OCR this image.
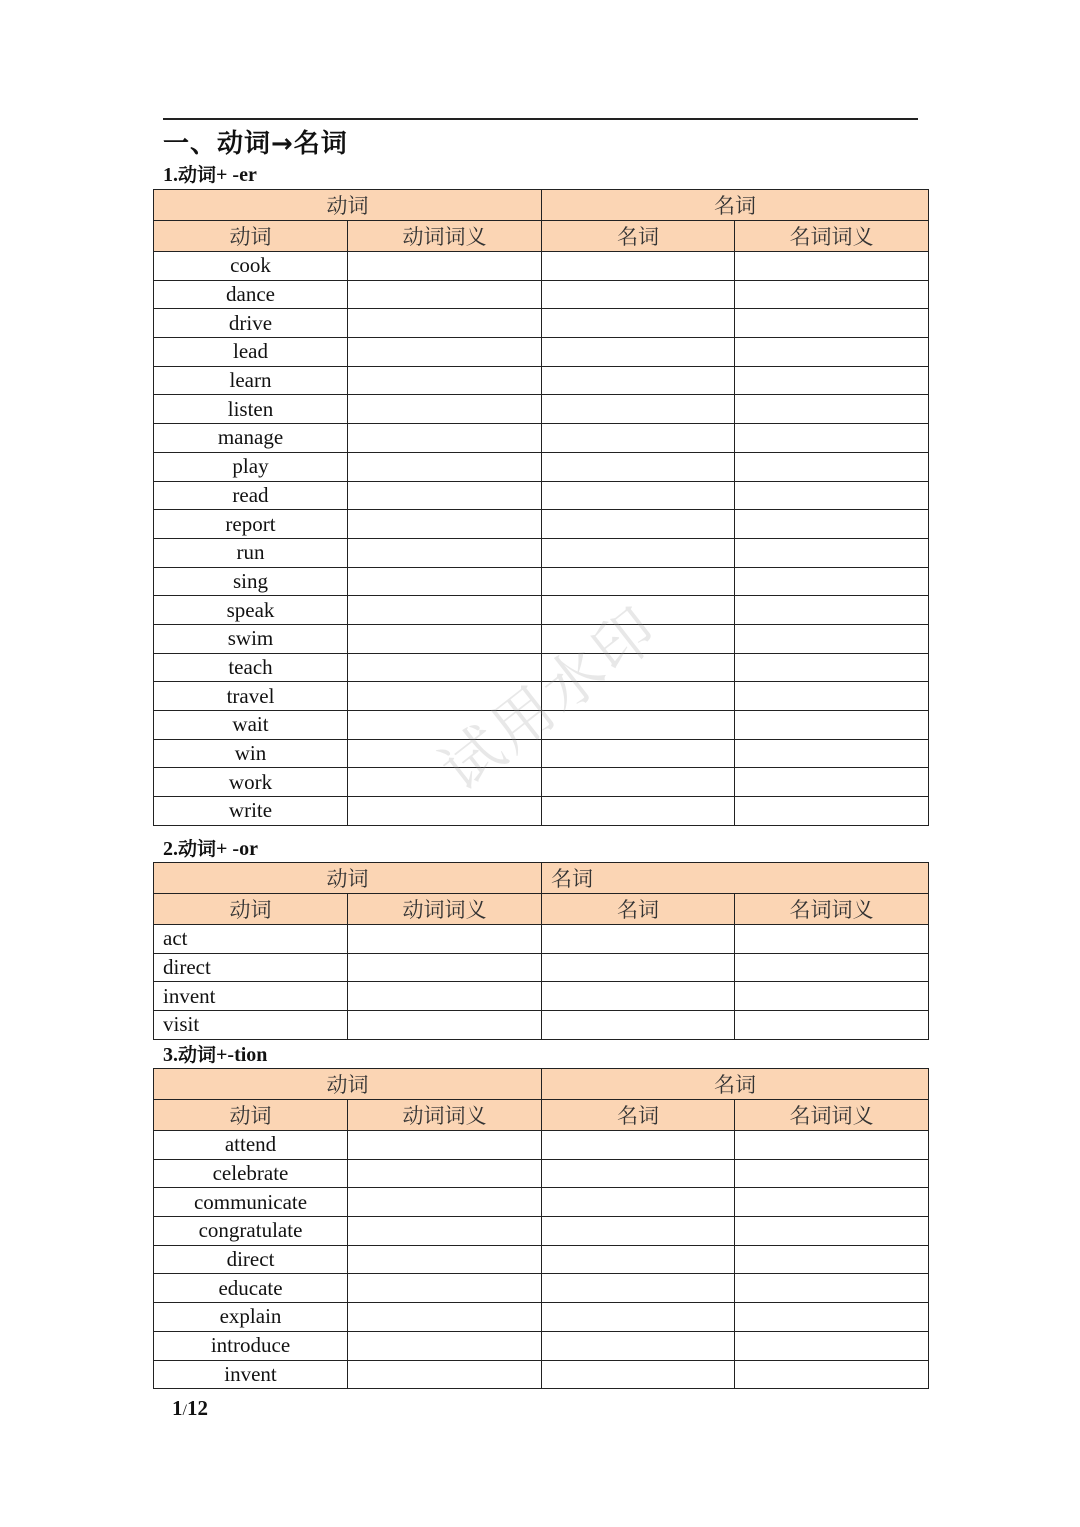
一、动词→名词
1.动词+ -er
动词		名词	
动词	动词词义	名词	名词词义
cook			
dance			
drive			
lead			
learn			
listen			
manage			
play			
read			
report			
run			
sing			
speak			
swim			
teach			
travel			
wait			
win			
work			
write			
2.动词+ -or
动词		名词	
动词	动词词义	名词	名词词义
act			
direct			
invent			
visit			
3.动词+-tion
动词		名词	
动词	动词词义	名词	名词词义
attend			
celebrate			
communicate			
congratulate			
direct			
educate			
explain			
introduce			
invent			
1/12
试用水印
